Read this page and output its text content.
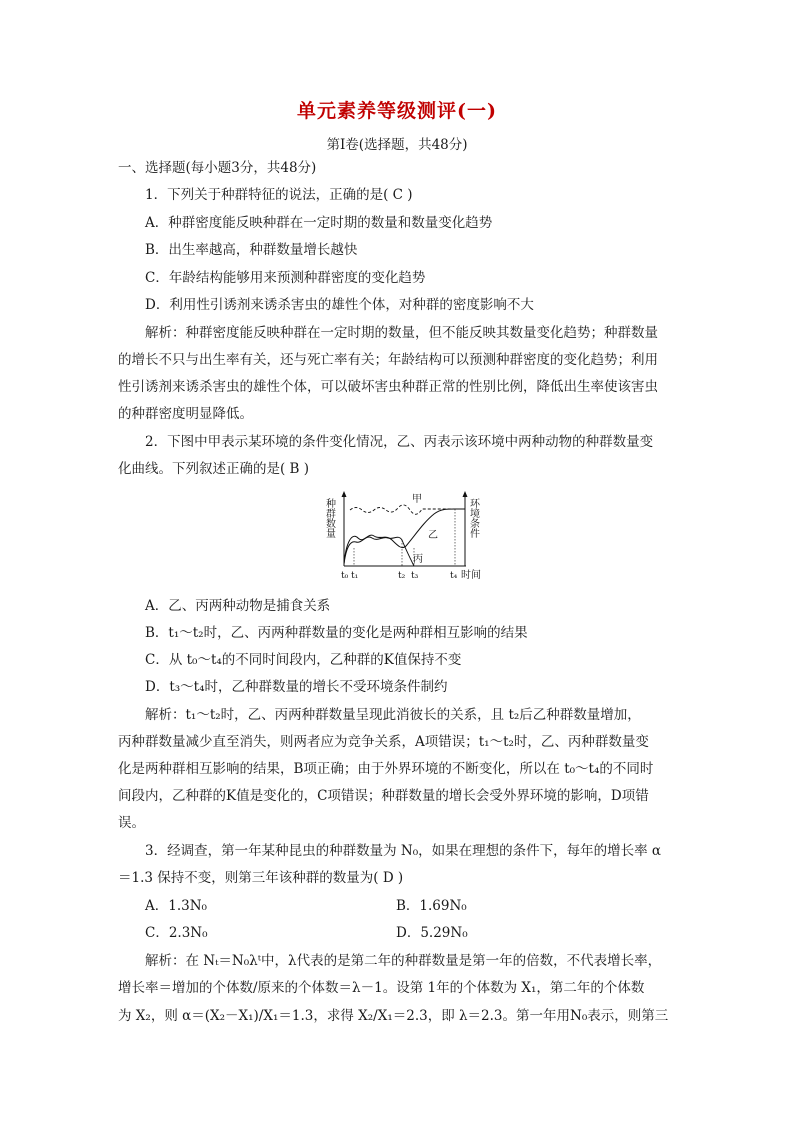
单元素养等级测评(一)
第Ⅰ卷(选择题，共48分)
一、选择题(每小题3分，共48分)
1．下列关于种群特征的说法，正确的是( C )
A．种群密度能反映种群在一定时期的数量和数量变化趋势
B．出生率越高，种群数量增长越快
C．年龄结构能够用来预测种群密度的变化趋势
D．利用性引诱剂来诱杀害虫的雄性个体，对种群的密度影响不大
解析：种群密度能反映种群在一定时期的数量，但不能反映其数量变化趋势；种群数量
的增长不只与出生率有关，还与死亡率有关；年龄结构可以预测种群密度的变化趋势；利用
性引诱剂来诱杀害虫的雄性个体，可以破坏害虫种群正常的性别比例，降低出生率使该害虫
的种群密度明显降低。
2．下图中甲表示某环境的条件变化情况，乙、丙表示该环境中两种动物的种群数量变
化曲线。下列叙述正确的是( B )
种群数量	环境条件
甲
乙
丙
t₀ t₁	t₂ t₃	t₄ 时间
A．乙、丙两种动物是捕食关系
B．t₁～t₂时，乙、丙两种群数量的变化是两种群相互影响的结果
C．从 t₀～t₄的不同时间段内，乙种群的K值保持不变
D．t₃～t₄时，乙种群数量的增长不受环境条件制约
解析：t₁～t₂时，乙、丙两种群数量呈现此消彼长的关系，且 t₂后乙种群数量增加，
丙种群数量减少直至消失，则两者应为竞争关系，A项错误；t₁～t₂时，乙、丙种群数量变
化是两种群相互影响的结果，B项正确；由于外界环境的不断变化，所以在 t₀～t₄的不同时
间段内，乙种群的K值是变化的，C项错误；种群数量的增长会受外界环境的影响，D项错
误。
3．经调查，第一年某种昆虫的种群数量为 N₀，如果在理想的条件下，每年的增长率 α
＝1.3 保持不变，则第三年该种群的数量为( D )
A．1.3N₀	B．1.69N₀
C．2.3N₀	D．5.29N₀
解析：在 Nₜ＝N₀λᵗ中，λ代表的是第二年的种群数量是第一年的倍数，不代表增长率，
增长率＝增加的个体数/原来的个体数＝λ－1。设第 1年的个体数为 X₁，第二年的个体数
为 X₂，则 α＝(X₂－X₁)/X₁＝1.3，求得 X₂/X₁＝2.3，即 λ＝2.3。第一年用N₀表示，则第三
